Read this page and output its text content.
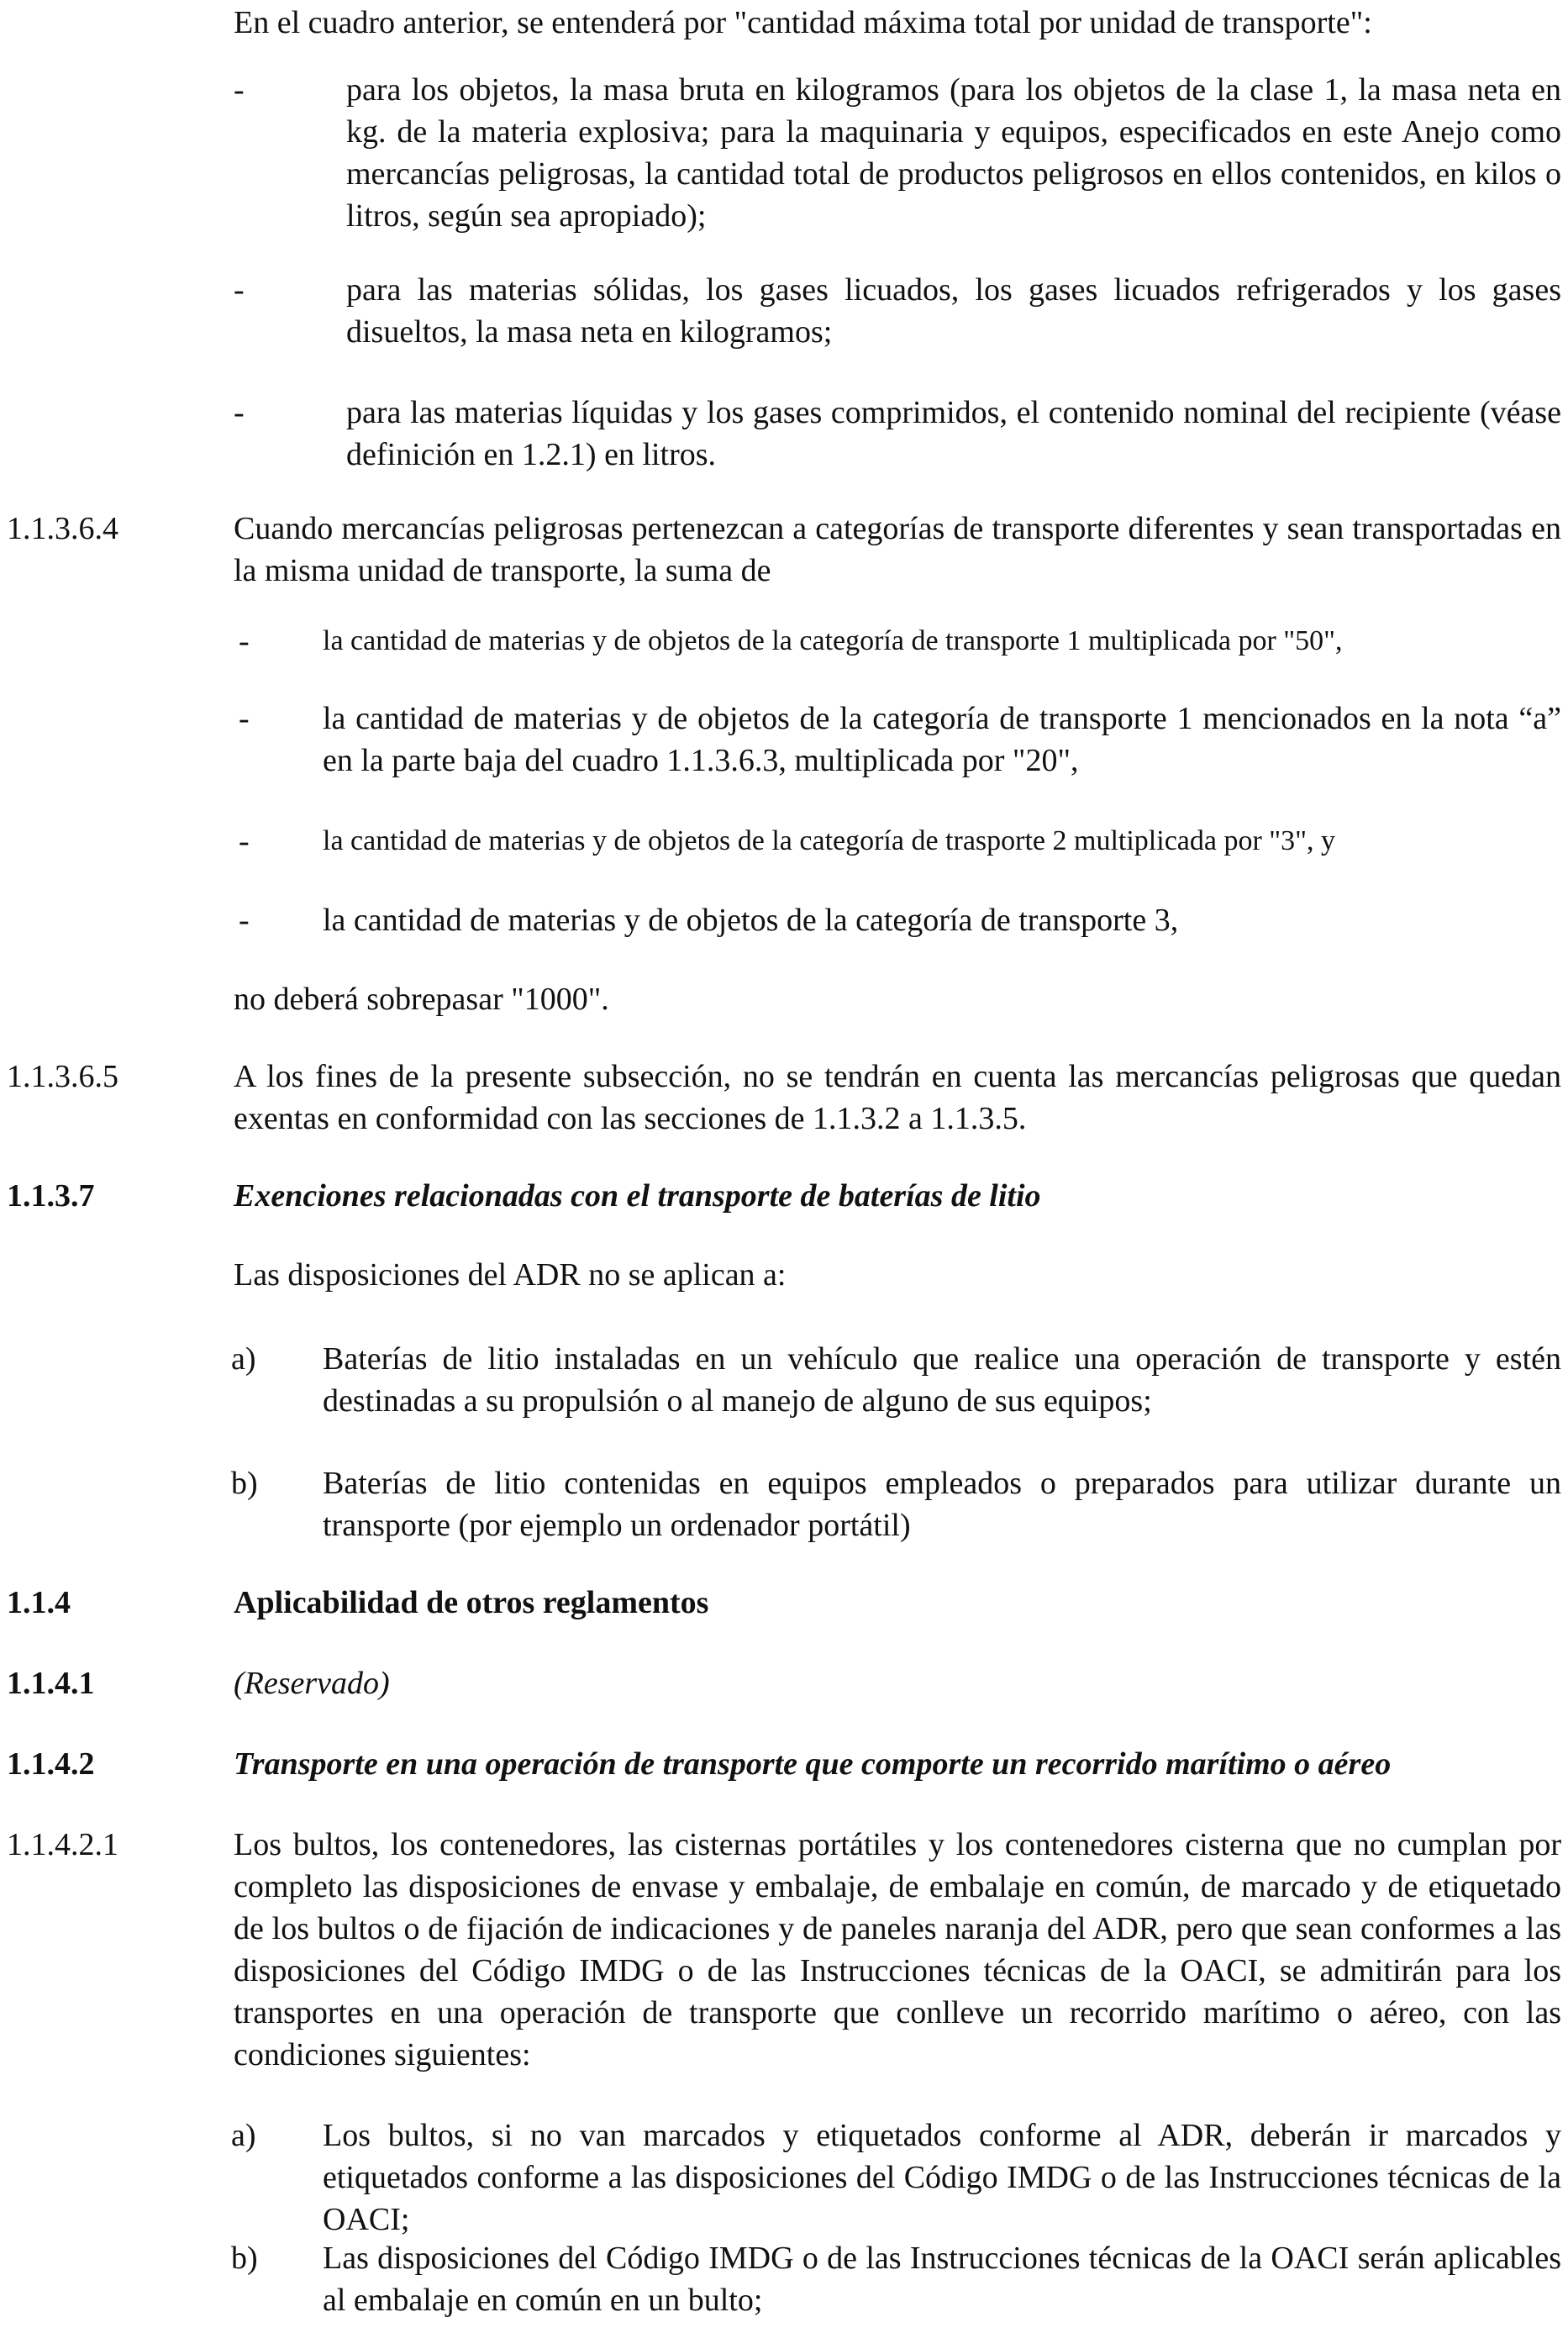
En el cuadro anterior, se entenderá por "cantidad máxima total por unidad de transporte":

-	para los objetos, la masa bruta en kilogramos (para los objetos de la clase 1, la masa neta en kg. de la materia explosiva; para la maquinaria y equipos, especificados en este Anejo como mercancías peligrosas, la cantidad total de productos peligrosos en ellos contenidos, en kilos o litros, según sea apropiado);

-	para las materias sólidas, los gases licuados, los gases licuados refrigerados y los gases disueltos, la masa neta en kilogramos;

-	para las materias líquidas y los gases comprimidos, el contenido nominal del recipiente (véase definición en 1.2.1) en litros.

1.1.3.6.4	Cuando mercancías peligrosas pertenezcan a categorías de transporte diferentes y sean transportadas en la misma unidad de transporte, la suma de

-	la cantidad de materias y de objetos de la categoría de transporte 1 multiplicada por "50",

- la cantidad de materias y de objetos de la categoría de transporte 1 mencionados en la nota “a” en la parte baja del cuadro 1.1.3.6.3, multiplicada por "20",

-	la cantidad de materias y de objetos de la categoría de trasporte 2 multiplicada por "3", y

- la cantidad de materias y de objetos de la categoría de transporte 3,

no deberá sobrepasar "1000".

1.1.3.6.5	A los fines de la presente subsección, no se tendrán en cuenta las mercancías peligrosas que quedan exentas en conformidad con las secciones de 1.1.3.2 a 1.1.3.5.

1.1.3.7	Exenciones relacionadas con el transporte de baterías de litio

Las disposiciones del ADR no se aplican a:

a) Baterías de litio instaladas en un vehículo que realice una operación de transporte y estén destinadas a su propulsión o al manejo de alguno de sus equipos;

b) Baterías de litio contenidas en equipos empleados o preparados para utilizar durante un transporte (por ejemplo un ordenador portátil)

1.1.4	Aplicabilidad de otros reglamentos

1.1.4.1	(Reservado)

1.1.4.2	Transporte en una operación de transporte que comporte un recorrido marítimo o aéreo

1.1.4.2.1	Los bultos, los contenedores, las cisternas portátiles y los contenedores cisterna que no cumplan por completo las disposiciones de envase y embalaje, de embalaje en común, de marcado y de etiquetado de los bultos o de fijación de indicaciones y de paneles naranja del ADR, pero que sean conformes a las disposiciones del Código IMDG o de las Instrucciones técnicas de la OACI, se admitirán para los transportes en una operación de transporte que conlleve un recorrido marítimo o aéreo, con las condiciones siguientes:

a) Los bultos, si no van marcados y etiquetados conforme al ADR, deberán ir marcados y etiquetados conforme a las disposiciones del Código IMDG o de las Instrucciones técnicas de la OACI;

b) Las disposiciones del Código IMDG o de las Instrucciones técnicas de la OACI serán aplicables al embalaje en común en un bulto;
